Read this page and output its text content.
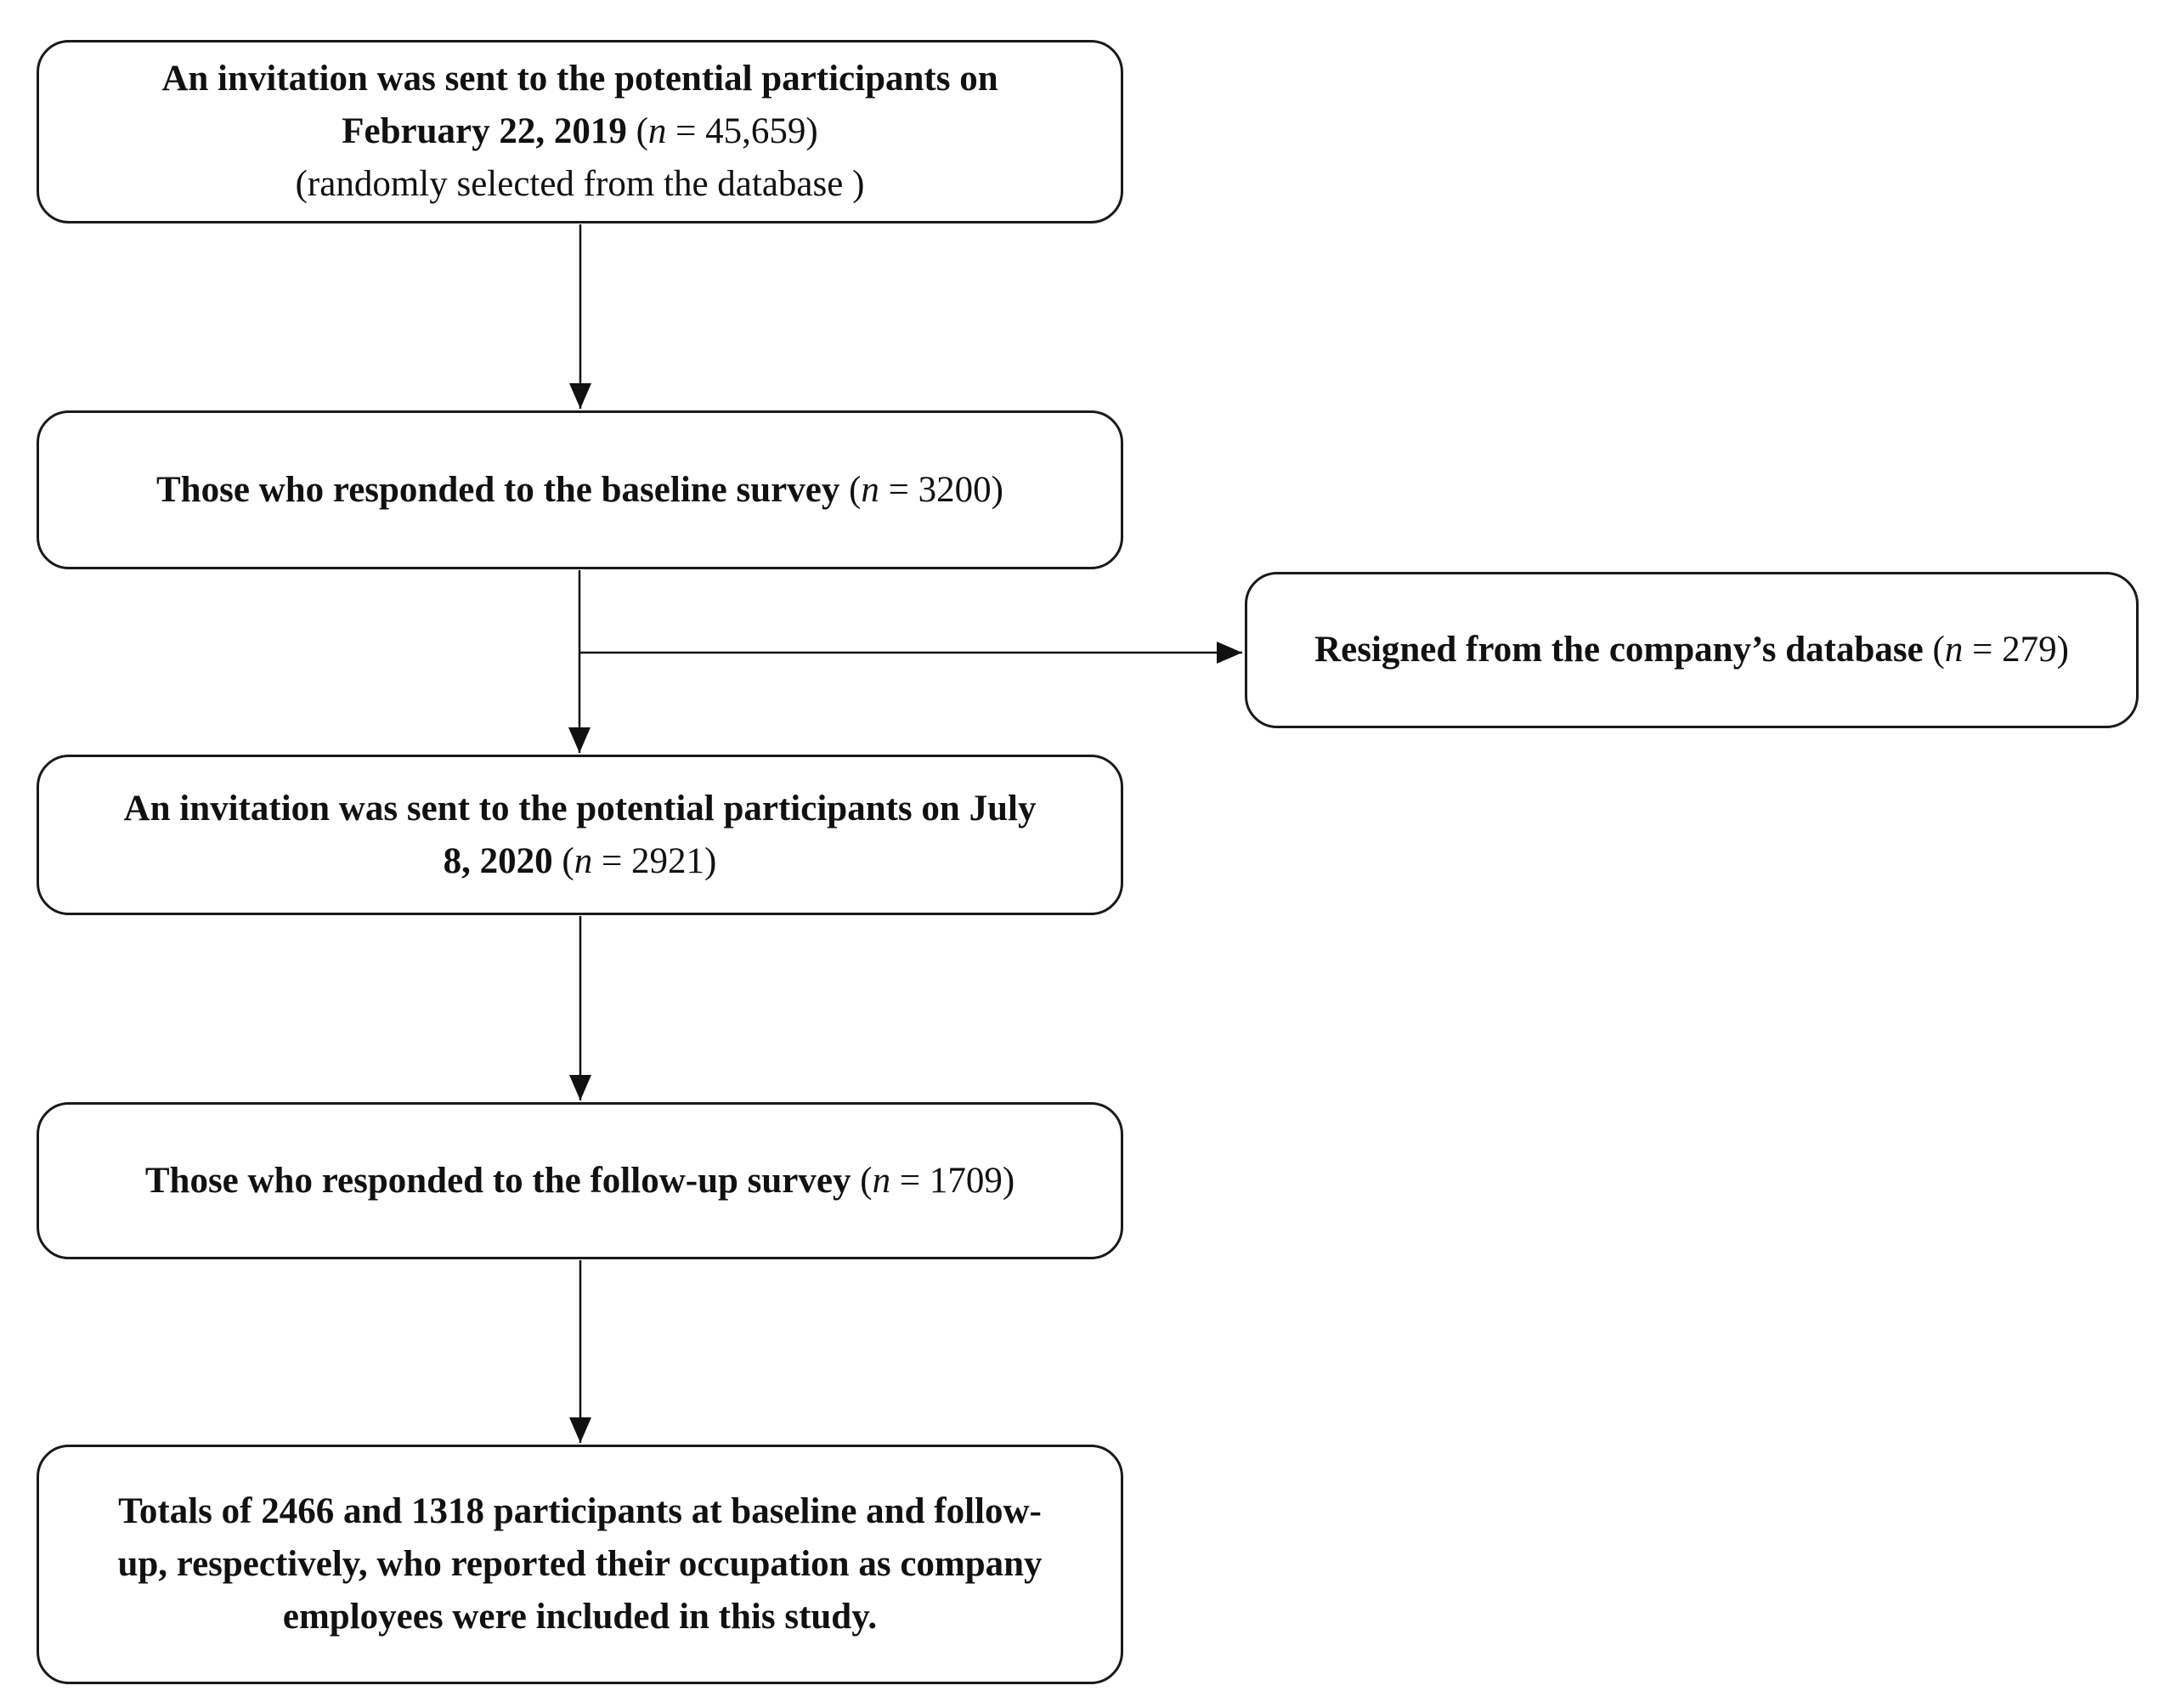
An invitation was sent to the potential participants on
February 22, 2019 (n = 45,659)
(randomly selected from the database )
Those who responded to the baseline survey (n = 3200)
Resigned from the company’s database (n = 279)
An invitation was sent to the potential participants on July
8, 2020 (n = 2921)
Those who responded to the follow-up survey (n = 1709)
Totals of 2466 and 1318 participants at baseline and follow-
up, respectively, who reported their occupation as company
employees were included in this study.
